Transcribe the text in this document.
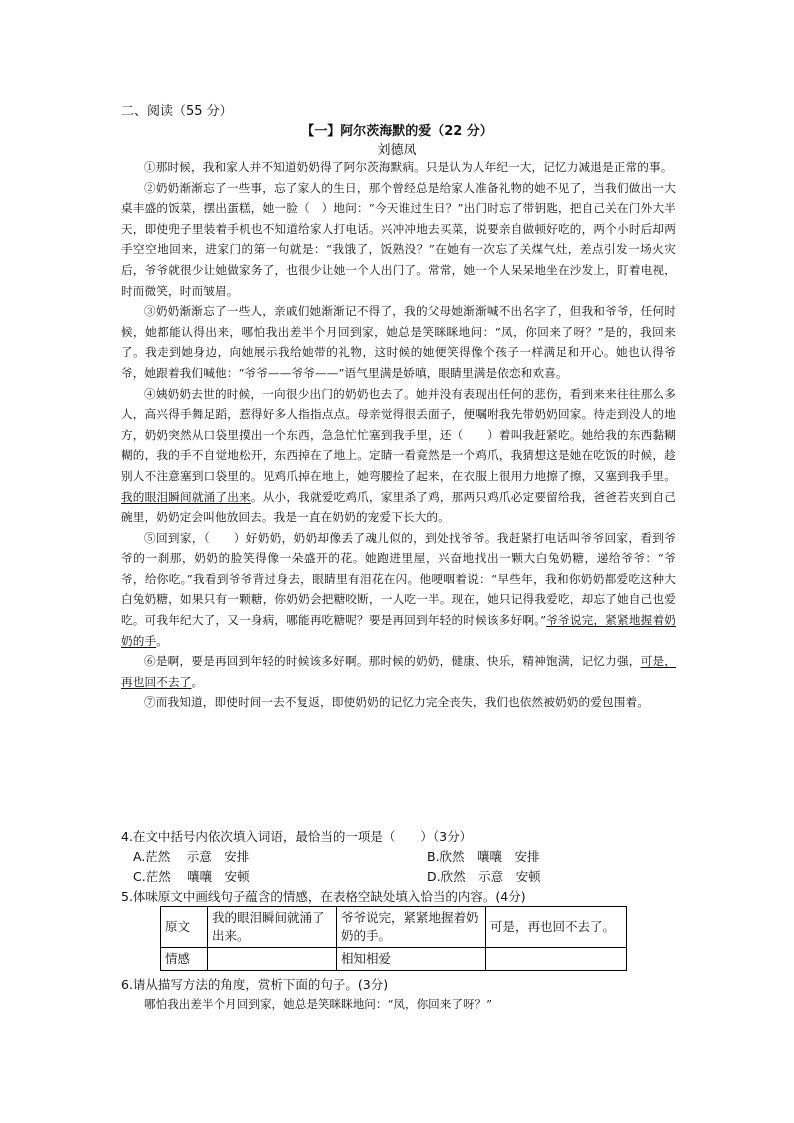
二、阅读（55 分）
【一】阿尔茨海默的爱（22 分）
刘德凤

①那时候，我和家人并不知道奶奶得了阿尔茨海默病。只是认为人年纪一大，记忆力减退是正常的事。

②奶奶渐渐忘了一些事，忘了家人的生日，那个曾经总是给家人准备礼物的她不见了，当我们做出一大桌丰盛的饭菜，摆出蛋糕，她一脸（　）地问：“今天谁过生日？”出门时忘了带钥匙，把自己关在门外大半天，即使兜子里装着手机也不知道给家人打电话。兴冲冲地去买菜，说要亲自做顿好吃的，两个小时后却两手空空地回来，进家门的第一句就是：“我饿了，饭熟没？”在她有一次忘了关煤气灶，差点引发一场火灾后，爷爷就很少让她做家务了，也很少让她一个人出门了。常常，她一个人呆呆地坐在沙发上，盯着电视，时而微笑，时而皱眉。

③奶奶渐渐忘了一些人，亲戚们她渐渐记不得了，我的父母她渐渐喊不出名字了，但我和爷爷，任何时候，她都能认得出来，哪怕我出差半个月回到家，她总是笑眯眯地问：“凤，你回来了呀？”是的，我回来了。我走到她身边，向她展示我给她带的礼物，这时候的她便笑得像个孩子一样满足和开心。她也认得爷爷，她跟着我们喊他：“爷爷——爷爷——”语气里满是娇嗔，眼睛里满是依恋和欢喜。

④姨奶奶去世的时候，一向很少出门的奶奶也去了。她并没有表现出任何的悲伤，看到来来往往那么多人，高兴得手舞足蹈，惹得好多人指指点点。母亲觉得很丢面子，便嘱咐我先带奶奶回家。待走到没人的地方，奶奶突然从口袋里摸出一个东西，急急忙忙塞到我手里，还（　　）着叫我赶紧吃。她给我的东西黏糊糊的，我的手不自觉地松开，东西掉在了地上。定睛一看竟然是一个鸡爪，我猜想这是她在吃饭的时候，趁别人不注意塞到口袋里的。见鸡爪掉在地上，她弯腰捡了起来，在衣服上很用力地擦了擦，又塞到我手里。我的眼泪瞬间就涌了出来。从小，我就爱吃鸡爪，家里杀了鸡，那两只鸡爪必定要留给我，爸爸若夹到自己碗里，奶奶定会叫他放回去。我是一直在奶奶的宠爱下长大的。

⑤回到家，（　　）好奶奶，奶奶却像丢了魂儿似的，到处找爷爷。我赶紧打电话叫爷爷回家，看到爷爷的一刹那，奶奶的脸笑得像一朵盛开的花。她跑进里屋，兴奋地找出一颗大白兔奶糖，递给爷爷：“爷爷，给你吃。”我看到爷爷背过身去，眼睛里有泪花在闪。他哽咽着说：“早些年，我和你奶奶都爱吃这种大白兔奶糖，如果只有一颗糖，你奶奶会把糖咬断，一人吃一半。现在，她只记得我爱吃，却忘了她自己也爱吃。可我年纪大了，又一身病，哪能再吃糖呢？要是再回到年轻的时候该多好啊。”爷爷说完，紧紧地握着奶奶的手。

⑥是啊，要是再回到年轻的时候该多好啊。那时候的奶奶，健康、快乐，精神饱满，记忆力强，可是，再也回不去了。

⑦而我知道，即使时间一去不复返，即使奶奶的记忆力完全丧失，我们也依然被奶奶的爱包围着。

4.在文中括号内依次填入词语，最恰当的一项是（　　）（3分）
A.茫然　 示意　安排	B.欣然　嚷嚷　安排
C.茫然　 嚷嚷　安顿	D.欣然　示意　安顿
5.体味原文中画线句子蕴含的情感，在表格空缺处填入恰当的内容。(4分)
原文	我的眼泪瞬间就涌了出来。	爷爷说完，紧紧地握着奶奶的手。	可是，再也回不去了。
情感		相知相爱	
6.请从描写方法的角度，赏析下面的句子。(3分)
哪怕我出差半个月回到家，她总是笑眯眯地问：“凤，你回来了呀？”
